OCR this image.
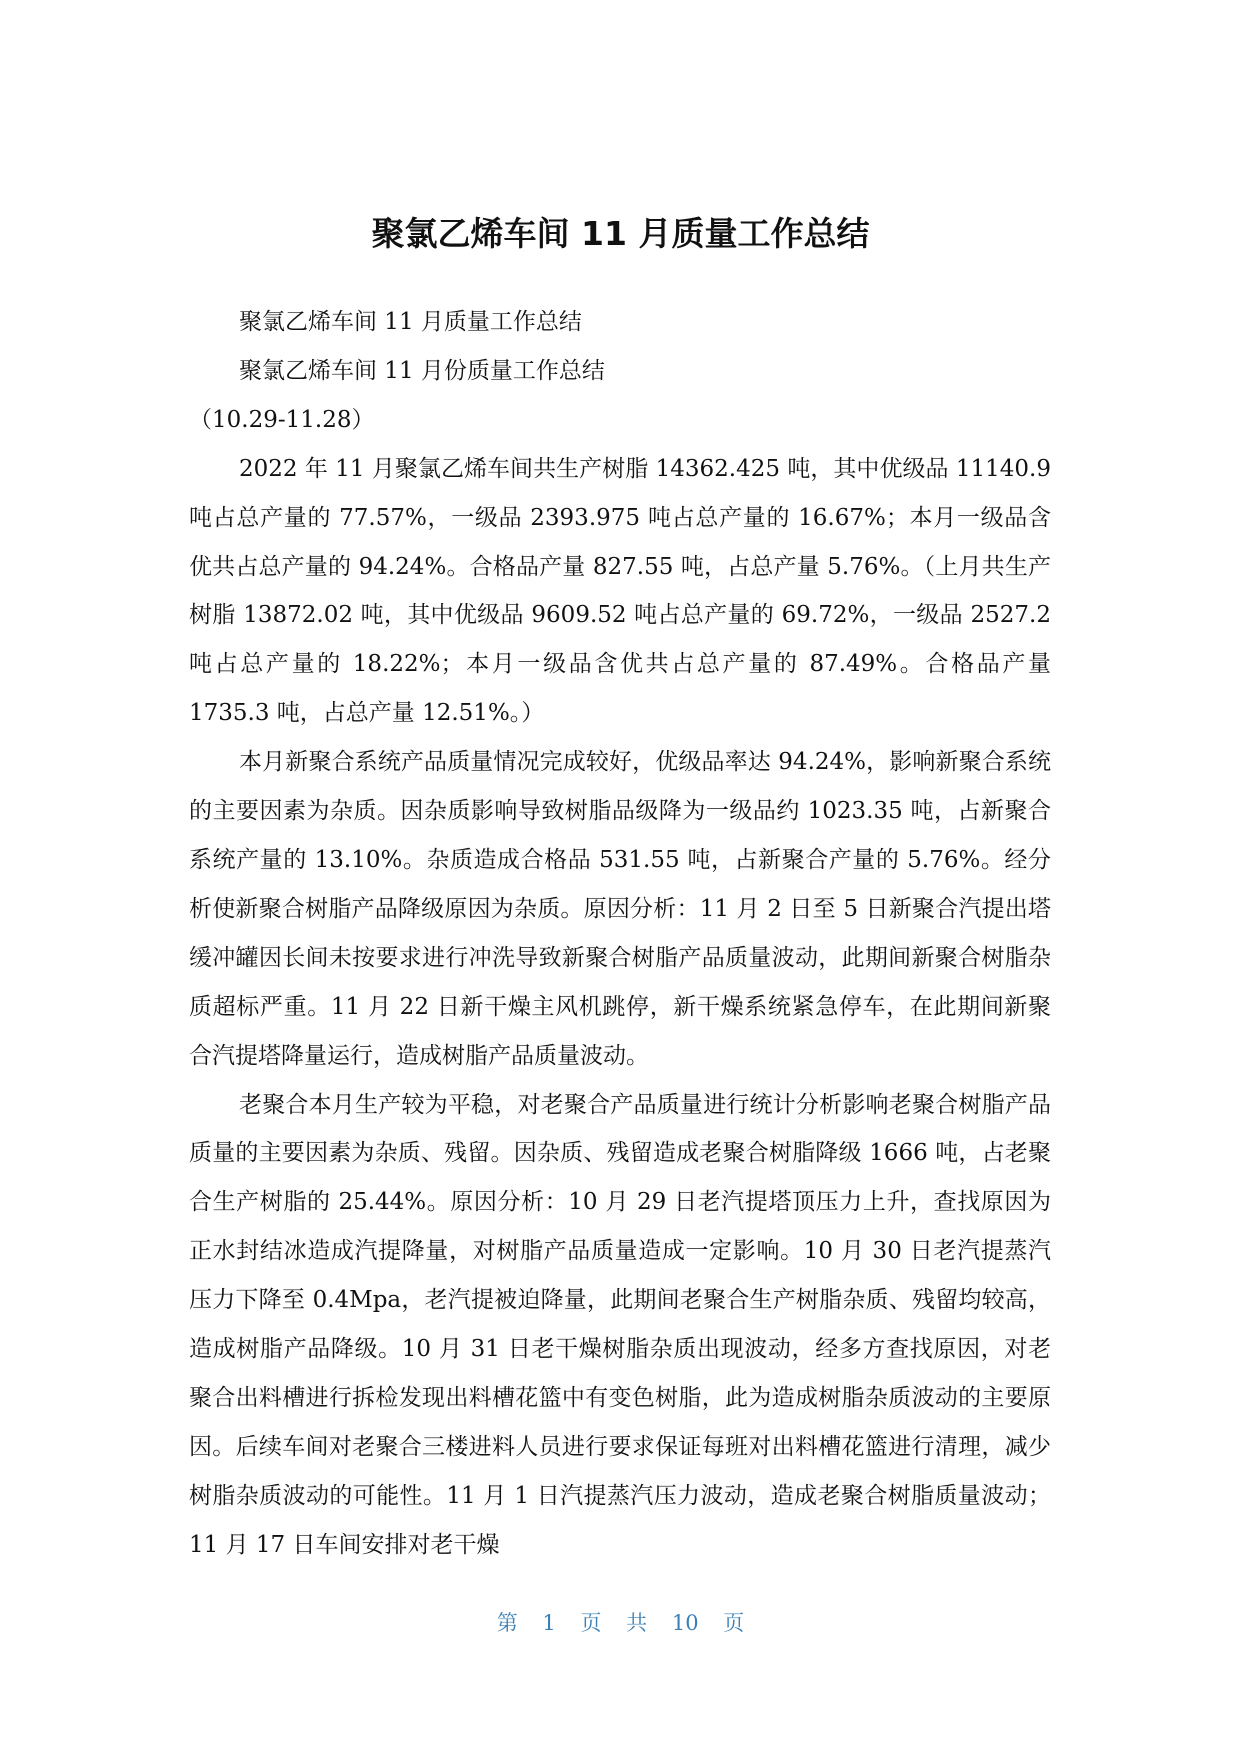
聚氯乙烯车间 11 月质量工作总结

聚氯乙烯车间 11 月质量工作总结

聚氯乙烯车间 11 月份质量工作总结

（10.29-11.28）

2022 年 11 月聚氯乙烯车间共生产树脂 14362.425 吨，其中优级品 11140.9 吨占总产量的 77.57%，一级品 2393.975 吨占总产量的 16.67%；本月一级品含优共占总产量的 94.24%。合格品产量 827.55 吨，占总产量 5.76%。（上月共生产树脂 13872.02 吨，其中优级品 9609.52 吨占总产量的 69.72%，一级品 2527.2 吨占总产量的 18.22%；本月一级品含优共占总产量的 87.49%。合格品产量 1735.3 吨，占总产量 12.51%。）

本月新聚合系统产品质量情况完成较好，优级品率达 94.24%，影响新聚合系统的主要因素为杂质。因杂质影响导致树脂品级降为一级品约 1023.35 吨，占新聚合系统产量的 13.10%。杂质造成合格品 531.55 吨，占新聚合产量的 5.76%。经分析使新聚合树脂产品降级原因为杂质。原因分析：11 月 2 日至 5 日新聚合汽提出塔缓冲罐因长间未按要求进行冲洗导致新聚合树脂产品质量波动，此期间新聚合树脂杂质超标严重。11 月 22 日新干燥主风机跳停，新干燥系统紧急停车，在此期间新聚合汽提塔降量运行，造成树脂产品质量波动。

老聚合本月生产较为平稳，对老聚合产品质量进行统计分析影响老聚合树脂产品质量的主要因素为杂质、残留。因杂质、残留造成老聚合树脂降级 1666 吨，占老聚合生产树脂的 25.44%。原因分析：10 月 29 日老汽提塔顶压力上升，查找原因为正水封结冰造成汽提降量，对树脂产品质量造成一定影响。10 月 30 日老汽提蒸汽压力下降至 0.4Mpa，老汽提被迫降量，此期间老聚合生产树脂杂质、残留均较高，造成树脂产品降级。10 月 31 日老干燥树脂杂质出现波动，经多方查找原因，对老聚合出料槽进行拆检发现出料槽花篮中有变色树脂，此为造成树脂杂质波动的主要原因。后续车间对老聚合三楼进料人员进行要求保证每班对出料槽花篮进行清理，减少树脂杂质波动的可能性。11 月 1 日汽提蒸汽压力波动，造成老聚合树脂质量波动；11 月 17 日车间安排对老干燥

第 1 页 共 10 页
